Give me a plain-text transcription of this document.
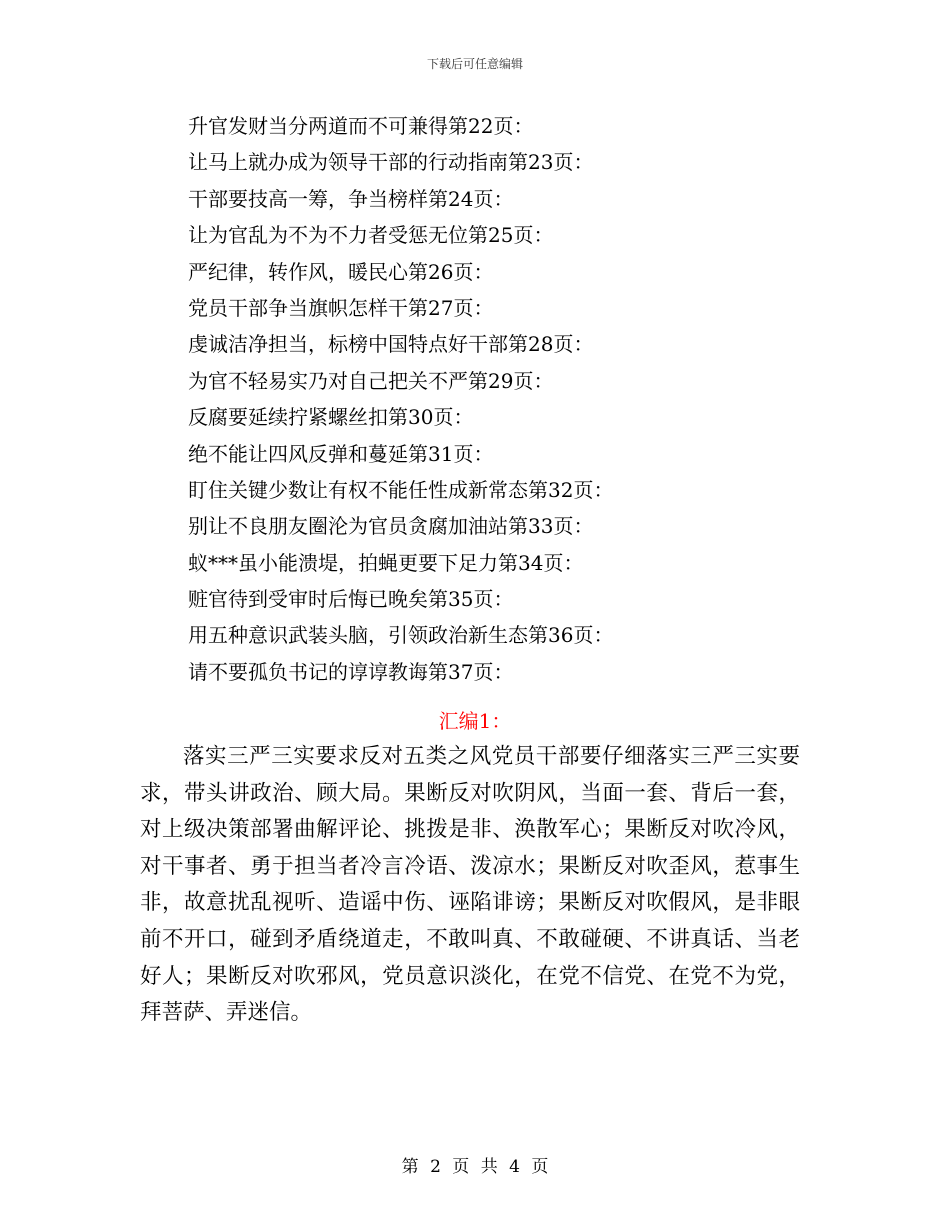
下载后可任意编辑
升官发财当分两道而不可兼得第22页：
让马上就办成为领导干部的行动指南第23页：
干部要技高一筹，争当榜样第24页：
让为官乱为不为不力者受惩无位第25页：
严纪律，转作风，暖民心第26页：
党员干部争当旗帜怎样干第27页：
虔诚洁净担当，标榜中国特点好干部第28页：
为官不轻易实乃对自己把关不严第29页：
反腐要延续拧紧螺丝扣第30页：
绝不能让四风反弹和蔓延第31页：
盯住关键少数让有权不能任性成新常态第32页：
别让不良朋友圈沦为官员贪腐加油站第33页：
蚁***虽小能溃堤，拍蝇更要下足力第34页：
赃官待到受审时后悔已晚矣第35页：
用五种意识武装头脑，引领政治新生态第36页：
请不要孤负书记的谆谆教诲第37页：
汇编1：

落实三严三实要求反对五类之风党员干部要仔细落实三严三实要求，带头讲政治、顾大局。果断反对吹阴风，当面一套、背后一套，对上级决策部署曲解评论、挑拨是非、涣散军心；果断反对吹冷风，对干事者、勇于担当者冷言冷语、泼凉水；果断反对吹歪风，惹事生非，故意扰乱视听、造谣中伤、诬陷诽谤；果断反对吹假风，是非眼前不开口，碰到矛盾绕道走，不敢叫真、不敢碰硬、不讲真话、当老好人；果断反对吹邪风，党员意识淡化，在党不信党、在党不为党，拜菩萨、弄迷信。

第 2 页 共 4 页
